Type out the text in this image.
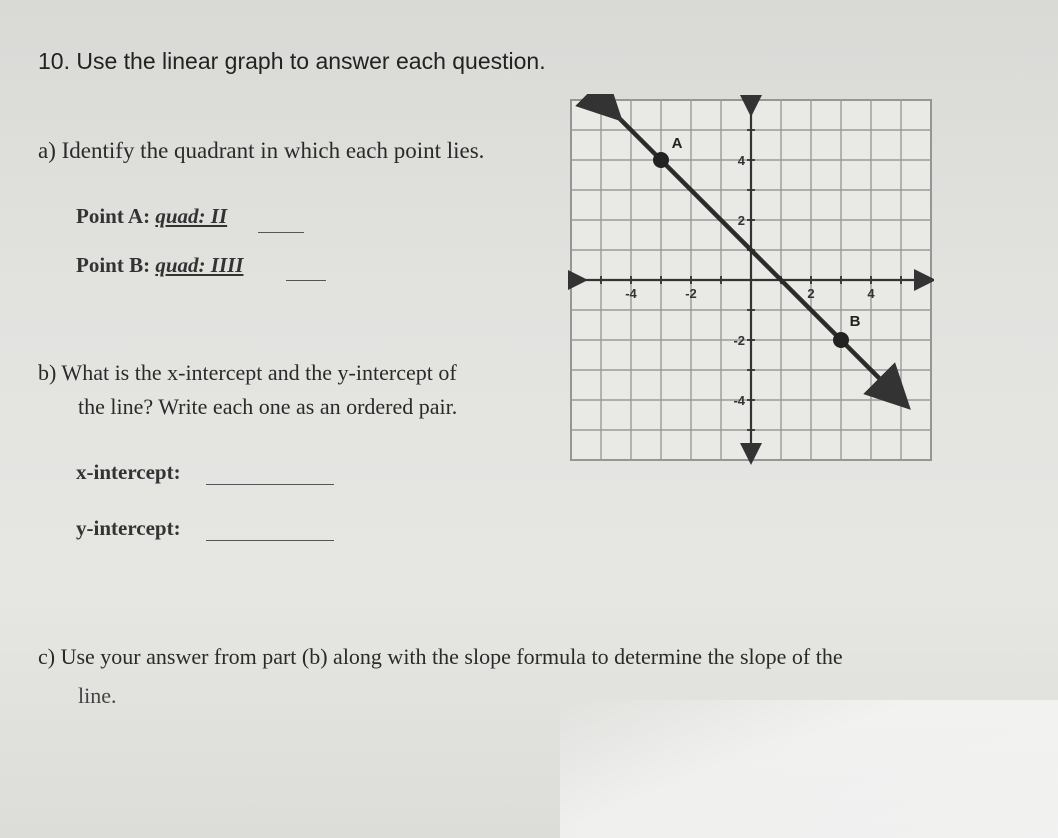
10. Use the linear graph to answer each question.
a) Identify the quadrant in which each point lies.
Point A: quad: II
Point B: quad: IIII
b) What is the x-intercept and the y-intercept of
the line? Write each one as an ordered pair.
x-intercept:
y-intercept:
c) Use your answer from part (b) along with the slope formula to determine the slope of the
line.
-4	-2	2	4
4
2
-2
-4
A
B
